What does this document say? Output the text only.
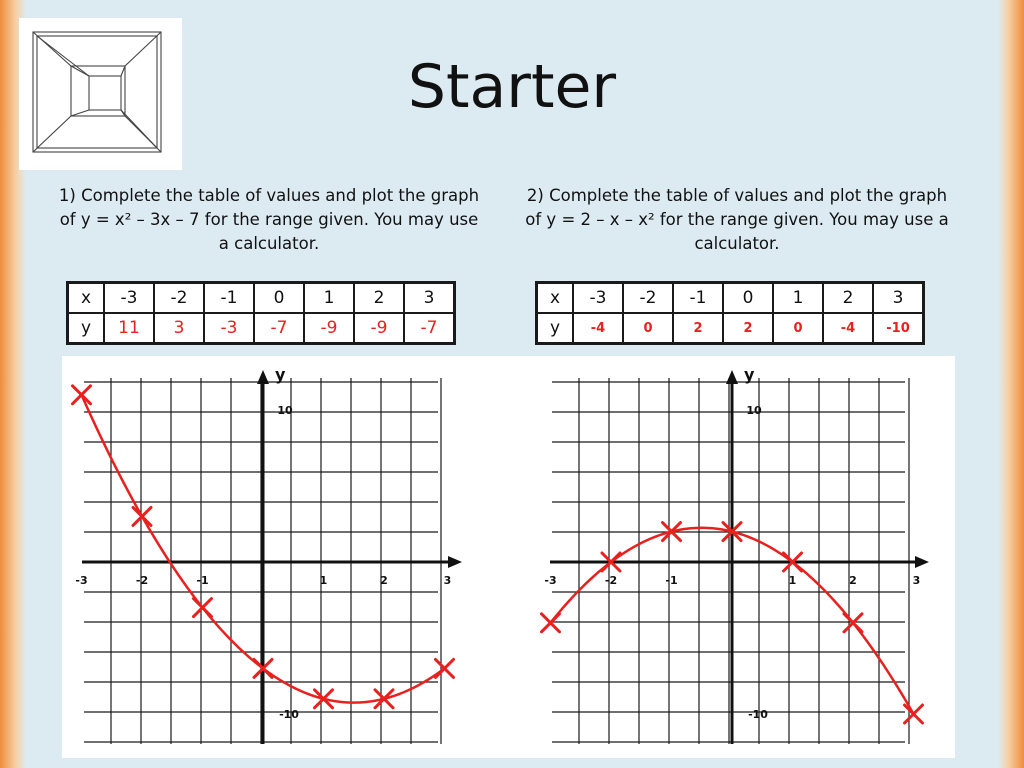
Starter
1) Complete the table of values and plot the graph of y = x² – 3x – 7 for the range given. You may use a calculator.
2) Complete the table of values and plot the graph of y = 2 – x – x² for the range given. You may use a calculator.
x	-3	-2	-1	0	1	2	3
y	11	3	-3	-7	-9	-9	-7
x	-3	-2	-1	0	1	2	3
y	-4	0	2	2	0	-4	-10
y
-3	-2	-1	1	2	3
10
-10
y
-3	-2	-1	1	2	3
10
-10
